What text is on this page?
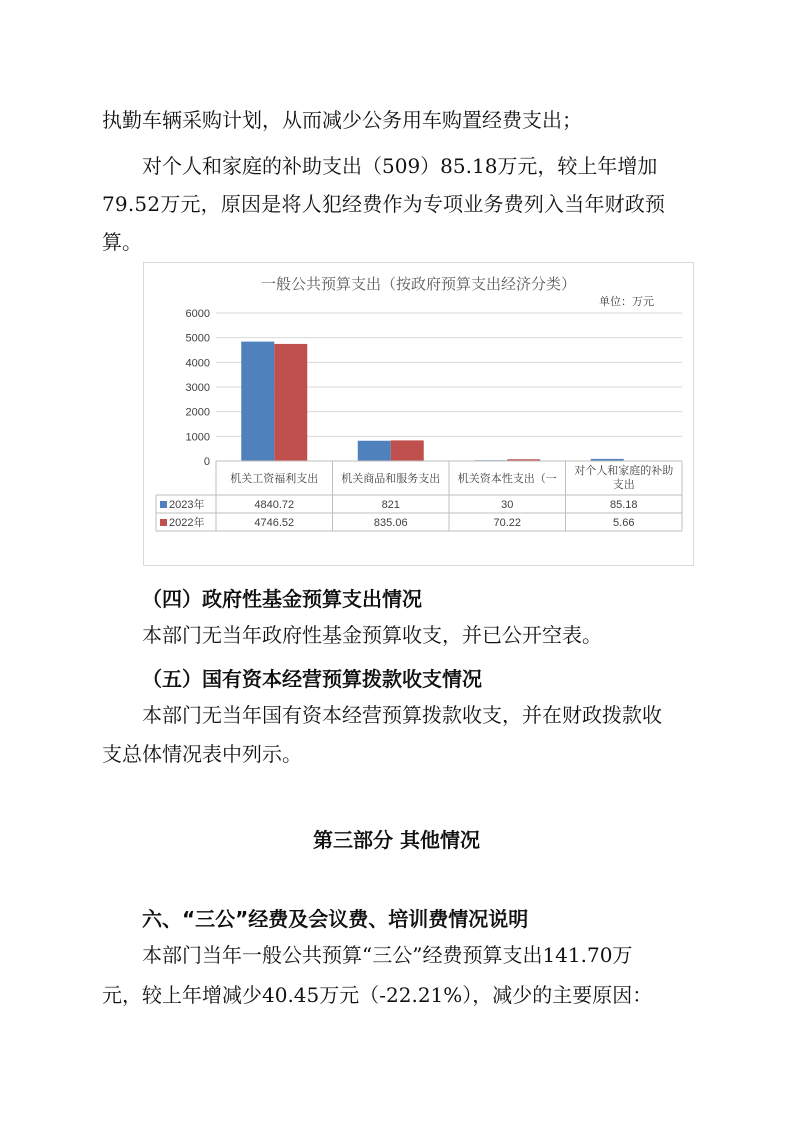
执勤车辆采购计划，从而减少公务用车购置经费支出；
对个人和家庭的补助支出（509）85.18万元，较上年增加
79.52万元，原因是将人犯经费作为专项业务费列入当年财政预
算。
一般公共预算支出（按政府预算支出经济分类）
单位：万元
0
1000
2000
3000
4000
5000
6000
机关工资福利支出 机关商品和服务支出 机关资本性支出（一
对个人和家庭的补助
支出
2023年	4840.72	821	30	85.18
2022年	4746.52	835.06	70.22	5.66
（四）政府性基金预算支出情况
本部门无当年政府性基金预算收支，并已公开空表。
（五）国有资本经营预算拨款收支情况
本部门无当年国有资本经营预算拨款收支，并在财政拨款收
支总体情况表中列示。
第三部分 其他情况
六、“三公”经费及会议费、培训费情况说明
本部门当年一般公共预算“三公”经费预算支出141.70万
元，较上年增减少40.45万元（-22.21%），减少的主要原因：
